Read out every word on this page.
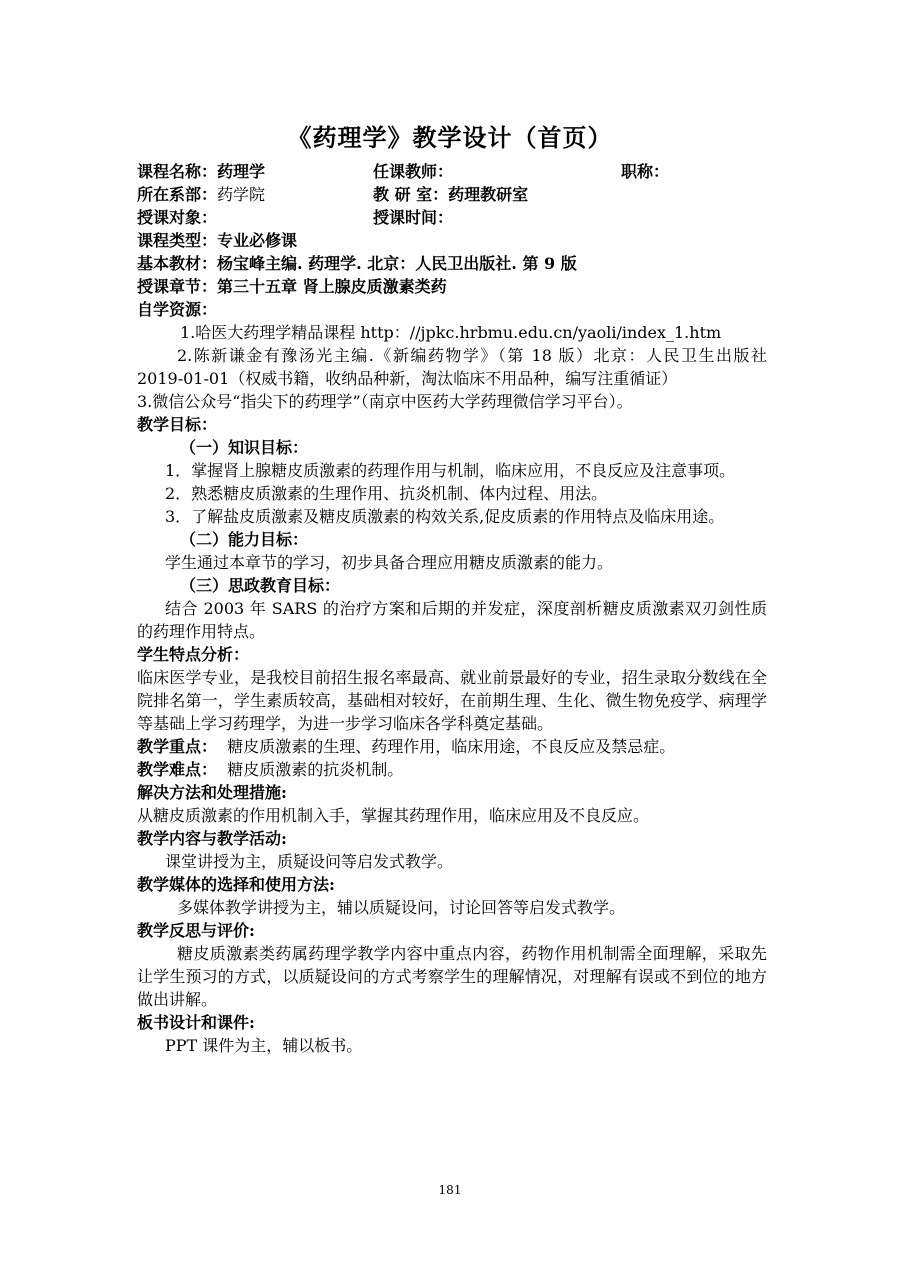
《药理学》教学设计（首页）
课程名称：药理学	任课教师：	职称：
所在系部：药学院	教 研 室：药理教研室
授课对象：	授课时间：
课程类型：专业必修课
基本教材：杨宝峰主编. 药理学. 北京：人民卫出版社. 第 9 版
授课章节：第三十五章 肾上腺皮质激素类药
自学资源：
1.哈医大药理学精品课程 http：//jpkc.hrbmu.edu.cn/yaoli/index_1.htm
2.陈新谦金有豫汤光主编.《新编药物学》（第 18 版）北京：人民卫生出版社 2019-01-01（权威书籍，收纳品种新，淘汰临床不用品种，编写注重循证）
3.微信公众号“指尖下的药理学”（南京中医药大学药理微信学习平台）。
教学目标：
（一）知识目标：
1．掌握肾上腺糖皮质激素的药理作用与机制，临床应用，不良反应及注意事项。
2．熟悉糖皮质激素的生理作用、抗炎机制、体内过程、用法。
3．了解盐皮质激素及糖皮质激素的构效关系,促皮质素的作用特点及临床用途。
（二）能力目标：
学生通过本章节的学习，初步具备合理应用糖皮质激素的能力。
（三）思政教育目标：
结合 2003 年 SARS 的治疗方案和后期的并发症，深度剖析糖皮质激素双刃剑性质的药理作用特点。
学生特点分析：
临床医学专业，是我校目前招生报名率最高、就业前景最好的专业，招生录取分数线在全院排名第一，学生素质较高，基础相对较好，在前期生理、生化、微生物免疫学、病理学等基础上学习药理学，为进一步学习临床各学科奠定基础。
教学重点： 糖皮质激素的生理、药理作用，临床用途，不良反应及禁忌症。
教学难点： 糖皮质激素的抗炎机制。
解决方法和处理措施:
从糖皮质激素的作用机制入手，掌握其药理作用，临床应用及不良反应。
教学内容与教学活动:
课堂讲授为主，质疑设问等启发式教学。
教学媒体的选择和使用方法:
多媒体教学讲授为主，辅以质疑设问，讨论回答等启发式教学。
教学反思与评价:
糖皮质激素类药属药理学教学内容中重点内容，药物作用机制需全面理解，采取先让学生预习的方式，以质疑设问的方式考察学生的理解情况，对理解有误或不到位的地方做出讲解。
板书设计和课件:
PPT 课件为主，辅以板书。
181
